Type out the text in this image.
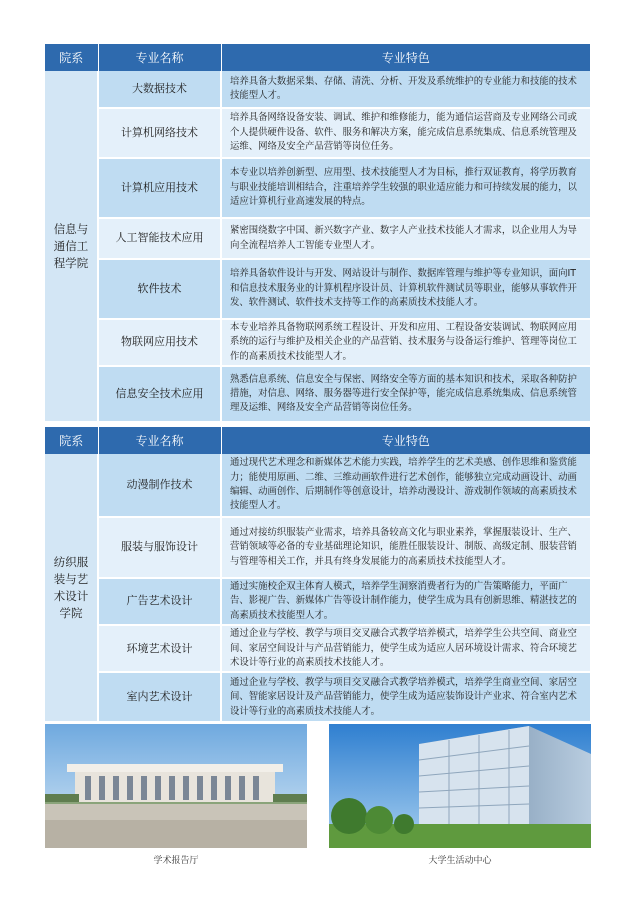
院系	专业名称	专业特色
信息与通信工程学院	大数据技术	培养具备大数据采集、存储、清洗、分析、开发及系统维护的专业能力和技能的技术技能型人才。
	计算机网络技术	培养具备网络设备安装、调试、维护和维修能力，能为通信运营商及专业网络公司或个人提供硬件设备、软件、服务和解决方案，能完成信息系统集成、信息系统管理及运维、网络及安全产品营销等岗位任务。
	计算机应用技术	本专业以培养创新型、应用型、技术技能型人才为目标，推行双证教育，将学历教育与职业技能培训相结合，注重培养学生较强的职业适应能力和可持续发展的能力，以适应计算机行业高速发展的特点。
	人工智能技术应用	紧密围绕数字中国、新兴数字产业、数字人产业技术技能人才需求，以企业用人为导向全流程培养人工智能专业型人才。
	软件技术	培养具备软件设计与开发、网站设计与制作、数据库管理与维护等专业知识，面向IT和信息技术服务业的计算机程序设计员、计算机软件测试员等职业，能够从事软件开发、软件测试、软件技术支持等工作的高素质技术技能人才。
	物联网应用技术	本专业培养具备物联网系统工程设计、开发和应用、工程设备安装调试、物联网应用系统的运行与维护及相关企业的产品营销、技术服务与设备运行维护、管理等岗位工作的高素质技术技能型人才。
	信息安全技术应用	熟悉信息系统、信息安全与保密、网络安全等方面的基本知识和技术，采取各种防护措施，对信息、网络、服务器等进行安全保护等，能完成信息系统集成、信息系统管理及运维、网络及安全产品营销等岗位任务。
院系	专业名称	专业特色
纺织服装与艺术设计学院	动漫制作技术	通过现代艺术理念和新媒体艺术能力实践，培养学生的艺术美感、创作思维和鉴赏能力；能使用原画、二维、三维动画软件进行艺术创作，能够独立完成动画设计、动画编辑、动画创作、后期制作等创意设计，培养动漫设计、游戏制作领域的高素质技术技能型人才。
	服装与服饰设计	通过对接纺织服装产业需求，培养具备较高文化与职业素养，掌握服装设计、生产、营销领域等必备的专业基础理论知识，能胜任服装设计、制版、高级定制、服装营销与管理等相关工作，并具有终身发展能力的高素质技术技能型人才。
	广告艺术设计	通过实施校企双主体育人模式，培养学生洞察消费者行为的广告策略能力，平面广告、影视广告、新媒体广告等设计制作能力，使学生成为具有创新思维、精湛技艺的高素质技术技能型人才。
	环境艺术设计	通过企业与学校、教学与项目交叉融合式教学培养模式，培养学生公共空间、商业空间、家居空间设计与产品营销能力，使学生成为适应人居环境设计需求、符合环境艺术设计等行业的高素质技术技能人才。
	室内艺术设计	通过企业与学校、教学与项目交叉融合式教学培养模式，培养学生商业空间、家居空间、智能家居设计及产品营销能力，使学生成为适应装饰设计产业求、符合室内艺术设计等行业的高素质技术技能人才。
学术报告厅	大学生活动中心
